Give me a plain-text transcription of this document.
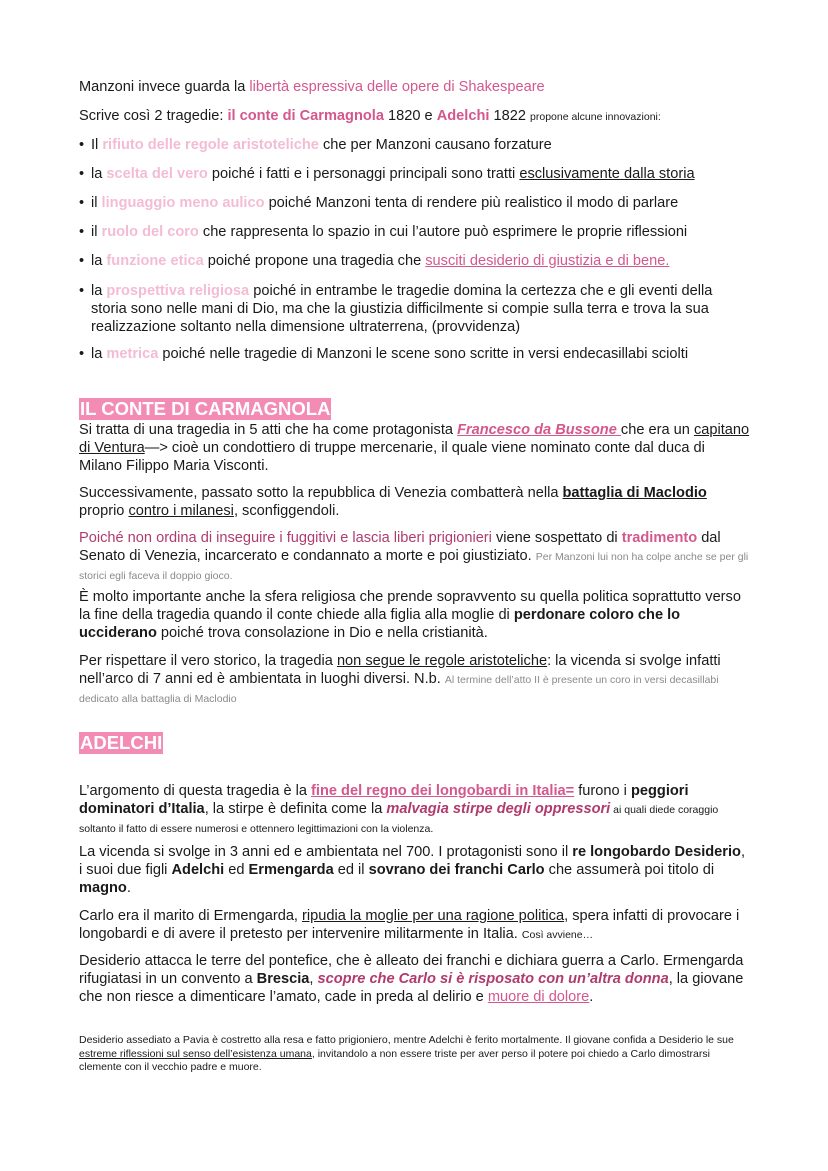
Manzoni invece guarda la libertà espressiva delle opere di Shakespeare

Scrive così 2 tragedie: il conte di Carmagnola 1820 e Adelchi 1822 propone alcune innovazioni:

• Il rifiuto delle regole aristoteliche che per Manzoni causano forzature
• la scelta del vero poiché i fatti e i personaggi principali sono tratti esclusivamente dalla storia
• il linguaggio meno aulico poiché Manzoni tenta di rendere più realistico il modo di parlare
• il ruolo del coro che rappresenta lo spazio in cui l’autore può esprimere le proprie riflessioni
• la funzione etica poiché propone una tragedia che susciti desiderio di giustizia e di bene.
• la prospettiva religiosa poiché in entrambe le tragedie domina la certezza che e gli eventi della storia sono nelle mani di Dio, ma che la giustizia difficilmente si compie sulla terra e trova la sua realizzazione soltanto nella dimensione ultraterrena, (provvidenza)
• la metrica poiché nelle tragedie di Manzoni le scene sono scritte in versi endecasillabi sciolti
IL CONTE DI CARMAGNOLA

Si tratta di una tragedia in 5 atti che ha come protagonista Francesco da Bussone che era un capitano di Ventura—> cioè un condottiero di truppe mercenarie, il quale viene nominato conte dal duca di Milano Filippo Maria Visconti.

Successivamente, passato sotto la repubblica di Venezia combatterà nella battaglia di Maclodio proprio contro i milanesi, sconfiggendoli.

Poiché non ordina di inseguire i fuggitivi e lascia liberi prigionieri viene sospettato di tradimento dal Senato di Venezia, incarcerato e condannato a morte e poi giustiziato. Per Manzoni lui non ha colpe anche se per gli storici egli faceva il doppio gioco.

È molto importante anche la sfera religiosa che prende sopravvento su quella politica soprattutto verso la fine della tragedia quando il conte chiede alla figlia alla moglie di perdonare coloro che lo ucciderano poiché trova consolazione in Dio e nella cristianità.

Per rispettare il vero storico, la tragedia non segue le regole aristoteliche: la vicenda si svolge infatti nell’arco di 7 anni ed è ambientata in luoghi diversi. N.b. Al termine dell’atto II è presente un coro in versi decasillabi dedicato alla battaglia di Maclodio

ADELCHI

L’argomento di questa tragedia è la fine del regno dei longobardi in Italia= furono i peggiori dominatori d’Italia, la stirpe è definita come la malvagia stirpe degli oppressori ai quali diede coraggio soltanto il fatto di essere numerosi e ottennero legittimazioni con la violenza.

La vicenda si svolge in 3 anni ed e ambientata nel 700. I protagonisti sono il re longobardo Desiderio, i suoi due figli Adelchi ed Ermengarda ed il sovrano dei franchi Carlo che assumerà poi titolo di magno.

Carlo era il marito di Ermengarda, ripudia la moglie per una ragione politica, spera infatti di provocare i longobardi e di avere il pretesto per intervenire militarmente in Italia. Così avviene…

Desiderio attacca le terre del pontefice, che è alleato dei franchi e dichiara guerra a Carlo. Ermengarda rifugiatasi in un convento a Brescia, scopre che Carlo si è risposato con un’altra donna, la giovane che non riesce a dimenticare l’amato, cade in preda al delirio e muore di dolore.

Desiderio assediato a Pavia è costretto alla resa e fatto prigioniero, mentre Adelchi è ferito mortalmente. Il giovane confida a Desiderio le sue estreme riflessioni sul senso dell’esistenza umana, invitandolo a non essere triste per aver perso il potere poi chiedo a Carlo dimostrarsi clemente con il vecchio padre e muore.
